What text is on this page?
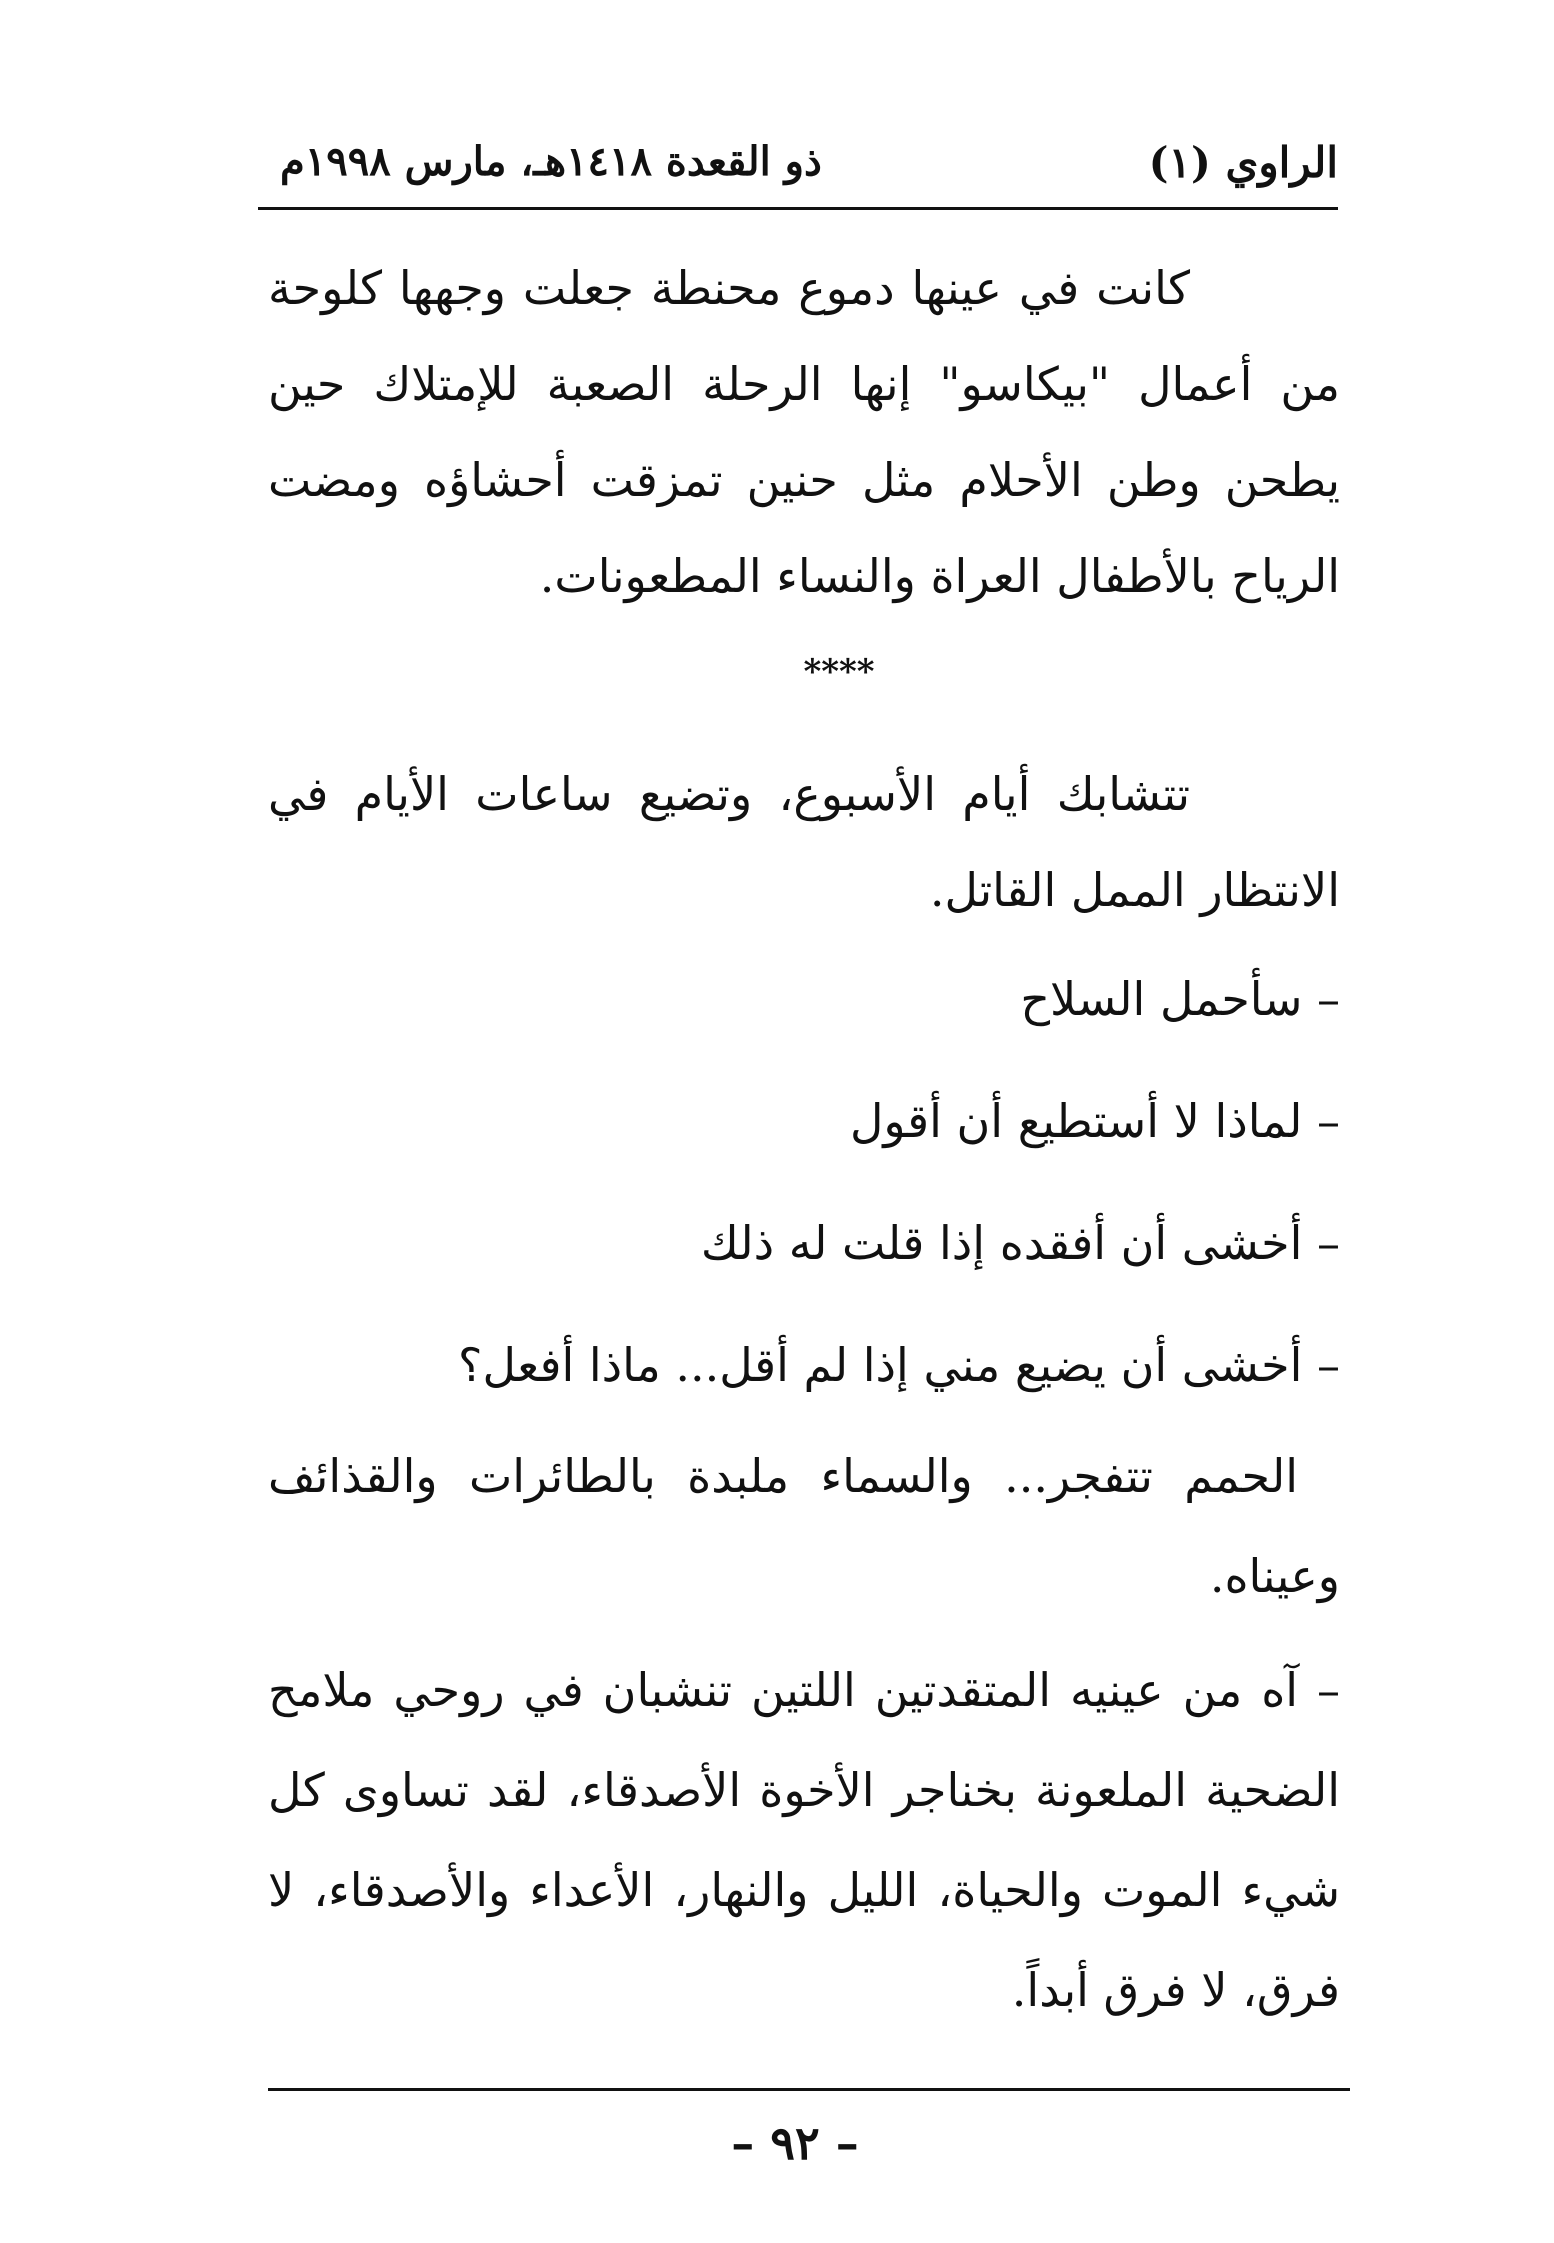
الراوي (١)
ذو القعدة ١٤١٨هـ، مارس ١٩٩٨م

كانت في عينها دموع محنطة جعلت وجهها كلوحة من أعمال "بيكاسو" إنها الرحلة الصعبة للإمتلاك حين يطحن وطن الأحلام مثل حنين تمزقت أحشاؤه ومضت الرياح بالأطفال العراة والنساء المطعونات.

****

تتشابك أيام الأسبوع، وتضيع ساعات الأيام في الانتظار الممل القاتل.

– سأحمل السلاح

– لماذا لا أستطيع أن أقول

– أخشى أن أفقده إذا قلت له ذلك

– أخشى أن يضيع مني إذا لم أقل... ماذا أفعل؟

الحمم تتفجر... والسماء ملبدة بالطائرات والقذائف وعيناه.

– آه من عينيه المتقدتين اللتين تنشبان في روحي ملامح الضحية الملعونة بخناجر الأخوة الأصدقاء، لقد تساوى كل شيء الموت والحياة، الليل والنهار، الأعداء والأصدقاء، لا فرق، لا فرق أبداً.

– ٩٢ –
